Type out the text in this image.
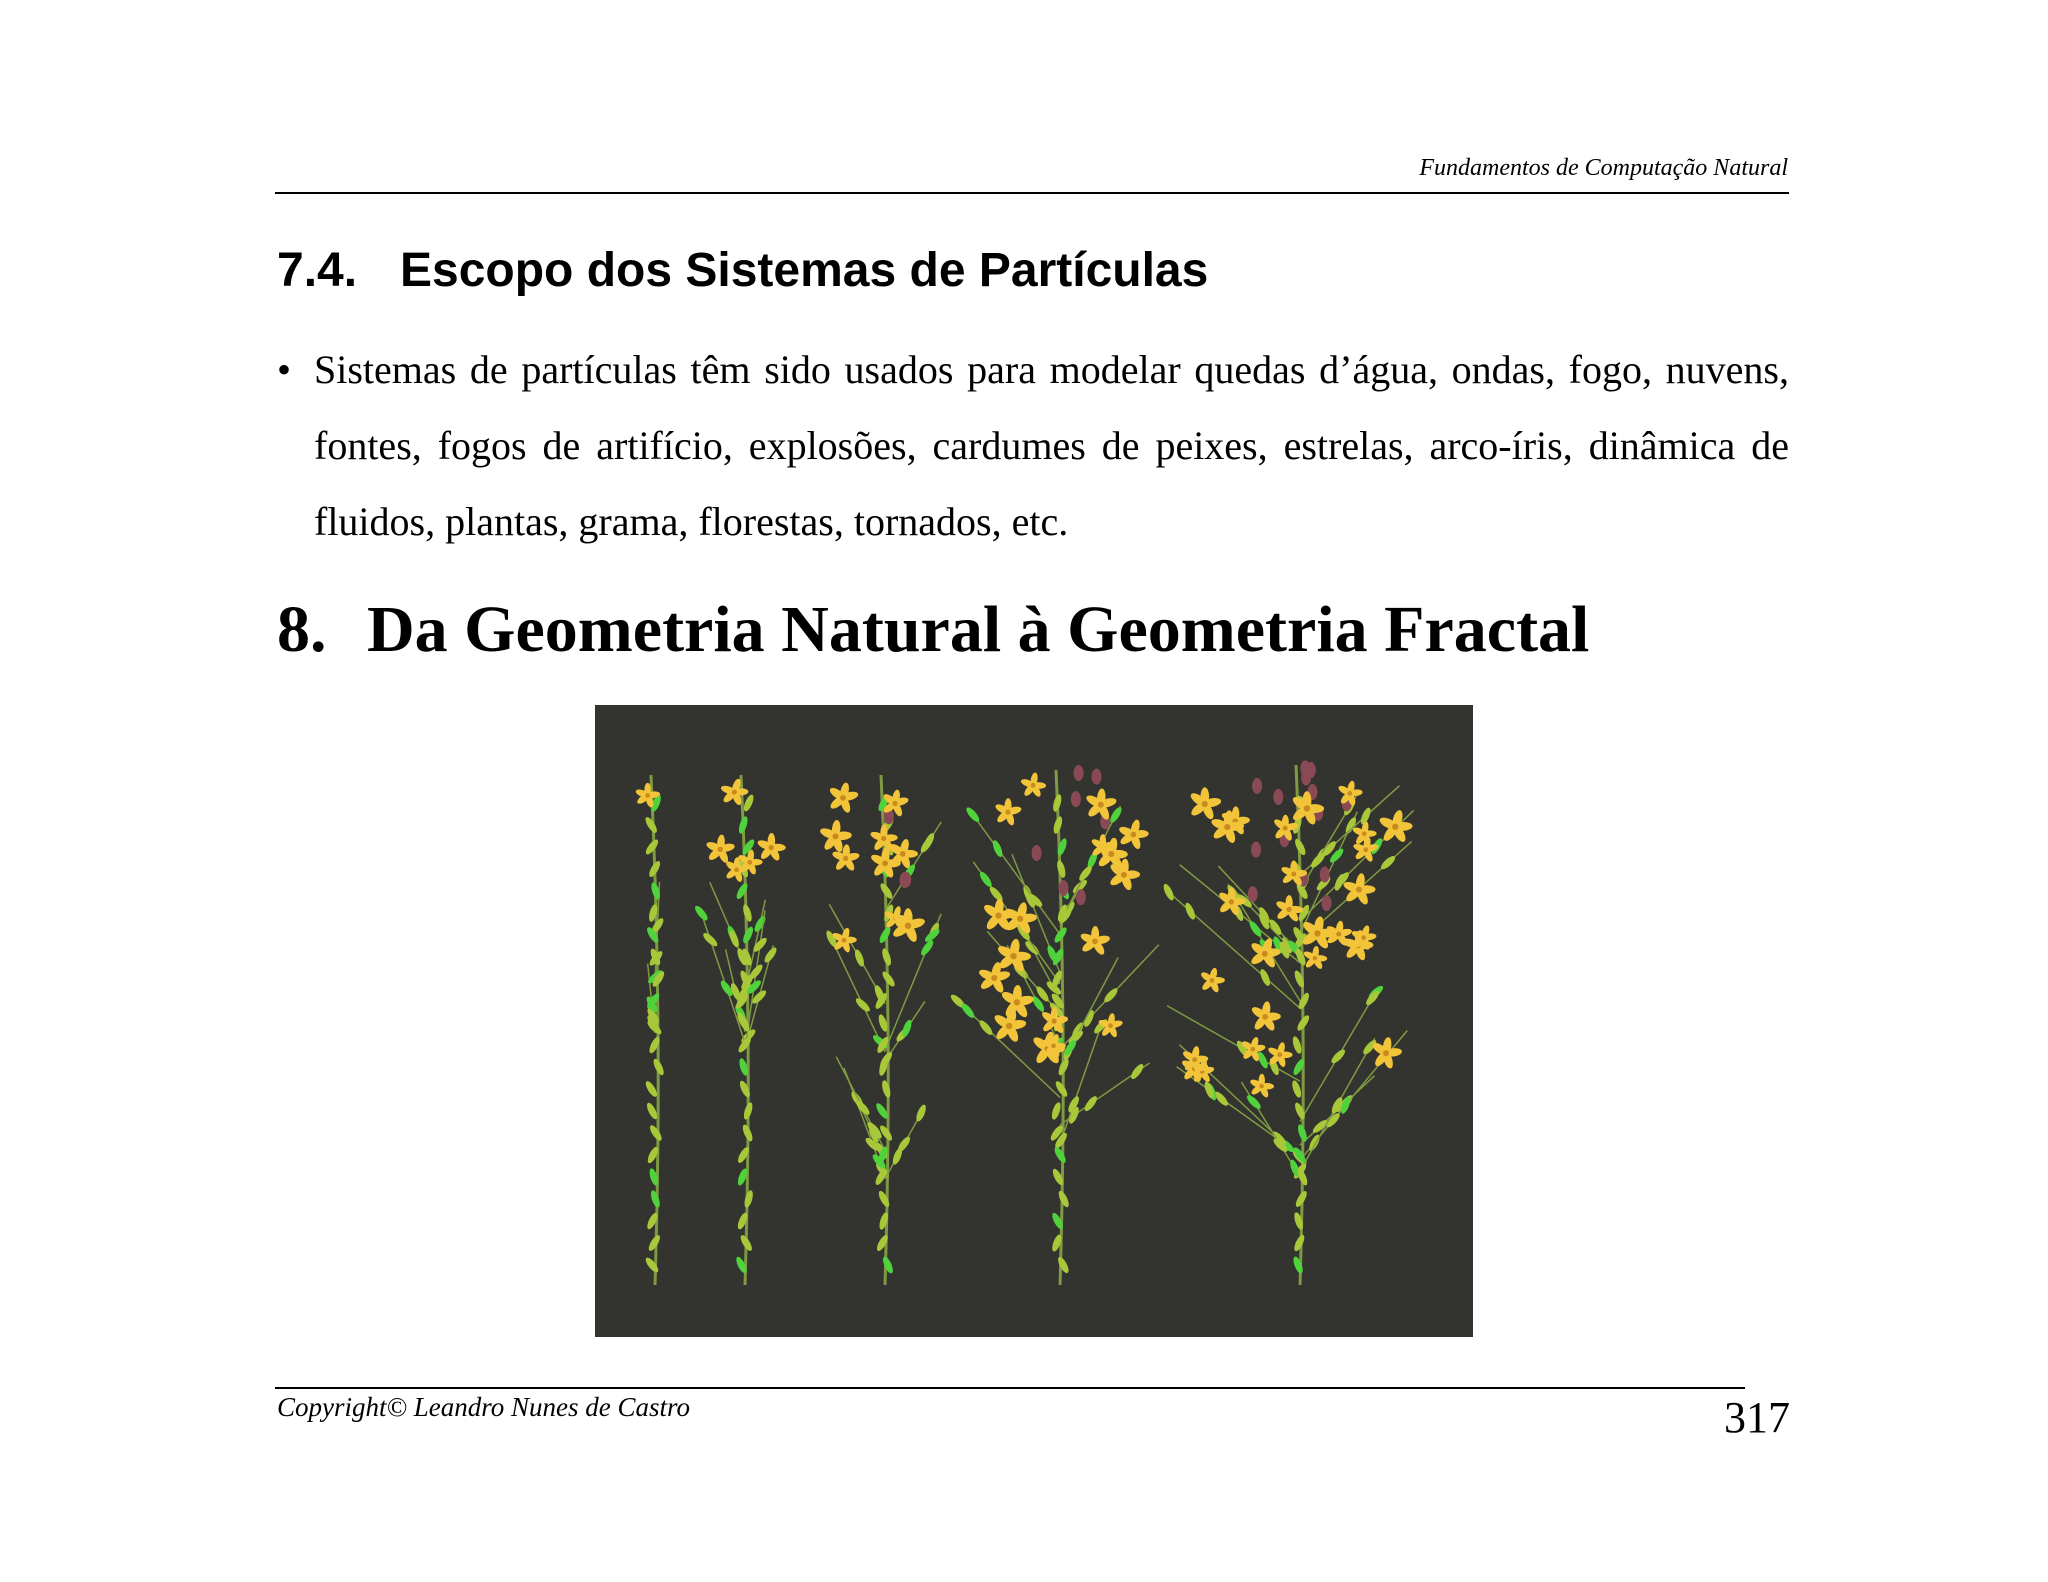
Fundamentos de Computação Natural
7.4. Escopo dos Sistemas de Partículas
• Sistemas de partículas têm sido usados para modelar quedas d’água, ondas, fogo, nuvens, fontes, fogos de artifício, explosões, cardumes de peixes, estrelas, arco-íris, dinâmica de fluidos, plantas, grama, florestas, tornados, etc.
8. Da Geometria Natural à Geometria Fractal
Copyright© Leandro Nunes de Castro	317
